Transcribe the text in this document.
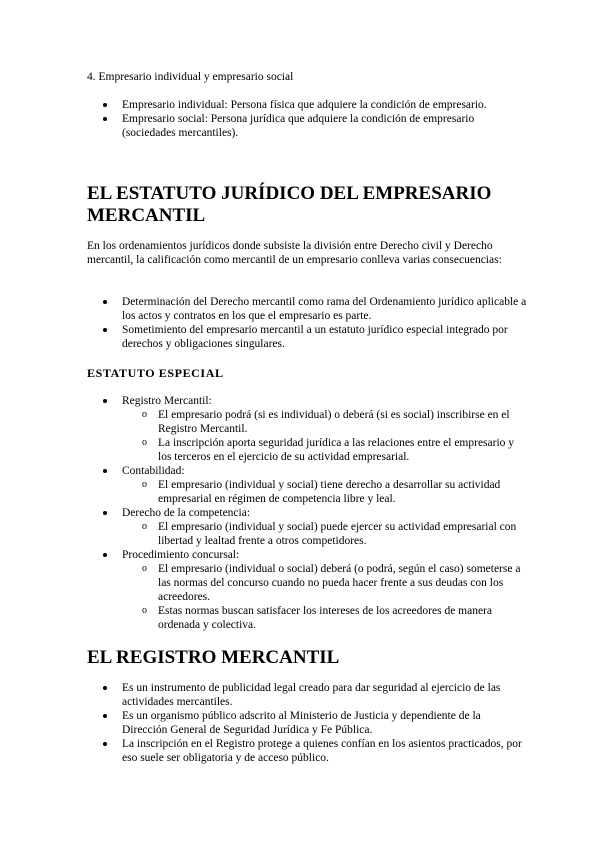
4. Empresario individual y empresario social

Empresario individual: Persona física que adquiere la condición de empresario.
Empresario social: Persona jurídica que adquiere la condición de empresario (sociedades mercantiles).
EL ESTATUTO JURÍDICO DEL EMPRESARIO MERCANTIL

En los ordenamientos jurídicos donde subsiste la división entre Derecho civil y Derecho mercantil, la calificación como mercantil de un empresario conlleva varias consecuencias:

Determinación del Derecho mercantil como rama del Ordenamiento jurídico aplicable a los actos y contratos en los que el empresario es parte.
Sometimiento del empresario mercantil a un estatuto jurídico especial integrado por derechos y obligaciones singulares.
ESTATUTO ESPECIAL
Registro Mercantil:
o El empresario podrá (si es individual) o deberá (si es social) inscribirse en el Registro Mercantil.
o La inscripción aporta seguridad jurídica a las relaciones entre el empresario y los terceros en el ejercicio de su actividad empresarial.
Contabilidad:
o El empresario (individual y social) tiene derecho a desarrollar su actividad empresarial en régimen de competencia libre y leal.
Derecho de la competencia:
o El empresario (individual y social) puede ejercer su actividad empresarial con libertad y lealtad frente a otros competidores.
Procedimiento concursal:
o El empresario (individual o social) deberá (o podrá, según el caso) someterse a las normas del concurso cuando no pueda hacer frente a sus deudas con los acreedores.
o Estas normas buscan satisfacer los intereses de los acreedores de manera ordenada y colectiva.
EL REGISTRO MERCANTIL
Es un instrumento de publicidad legal creado para dar seguridad al ejercicio de las actividades mercantiles.
Es un organismo público adscrito al Ministerio de Justicia y dependiente de la Dirección General de Seguridad Jurídica y Fe Pública.
La inscripción en el Registro protege a quienes confían en los asientos practicados, por eso suele ser obligatoria y de acceso público.
